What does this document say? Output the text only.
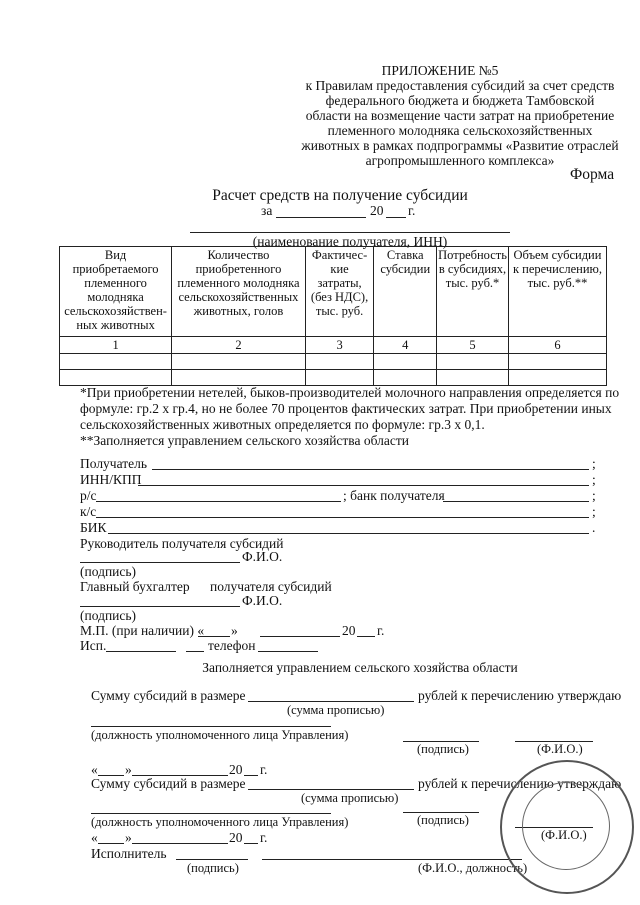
ПРИЛОЖЕНИЕ №5
к Правилам предоставления субсидий за счет средств
федерального бюджета и бюджета Тамбовской
области на возмещение части затрат на приобретение
племенного молодняка сельскохозяйственных
животных в рамках подпрограммы «Развитие отраслей
агропромышленного комплекса»
Форма
Расчет средств на получение субсидии
за	20 г.
(наименование получателя, ИНН)
Вид приобретаемого племенного молодняка сельскохозяйствен- ных животных	Количество приобретенного племенного молодняка сельскохозяйственных животных, голов	Фактичес- кие затраты, (без НДС), тыс. руб.	Ставка субсидии	Потребность в субсидиях, тыс. руб.*	Объем субсидии к перечислению, тыс. руб.**
1	2	3	4	5	6

*При приобретении нетелей, быков-производителей молочного направления определяется по
формуле: гр.2 х гр.4, но не более 70 процентов фактических затрат. При приобретении иных
сельскохозяйственных животных определяется по формуле: гр.3 х 0,1.
**Заполняется управлением сельского хозяйства области
Получатель	;
ИНН/КПП	;
р/с	; банк получателя	;
к/с	;
БИК	.
Руководитель получателя субсидий
Ф.И.О.
(подпись)
Главный бухгалтер получателя субсидий
Ф.И.О.
(подпись)
М.П. (при наличии) « »	20 г.
Исп.	телефон
Заполняется управлением сельского хозяйства области
Сумму субсидий в размере	рублей к перечислению утверждаю
(сумма прописью)
(должность уполномоченного лица Управления)
(подпись)	(Ф.И.О.)
« »	20 г.
Сумму субсидий в размере	рублей к перечислению утверждаю
(сумма прописью)
(должность уполномоченного лица Управления)	(подпись)
(Ф.И.О.)
« »	20 г.
Исполнитель
(подпись)	(Ф.И.О., должность)
